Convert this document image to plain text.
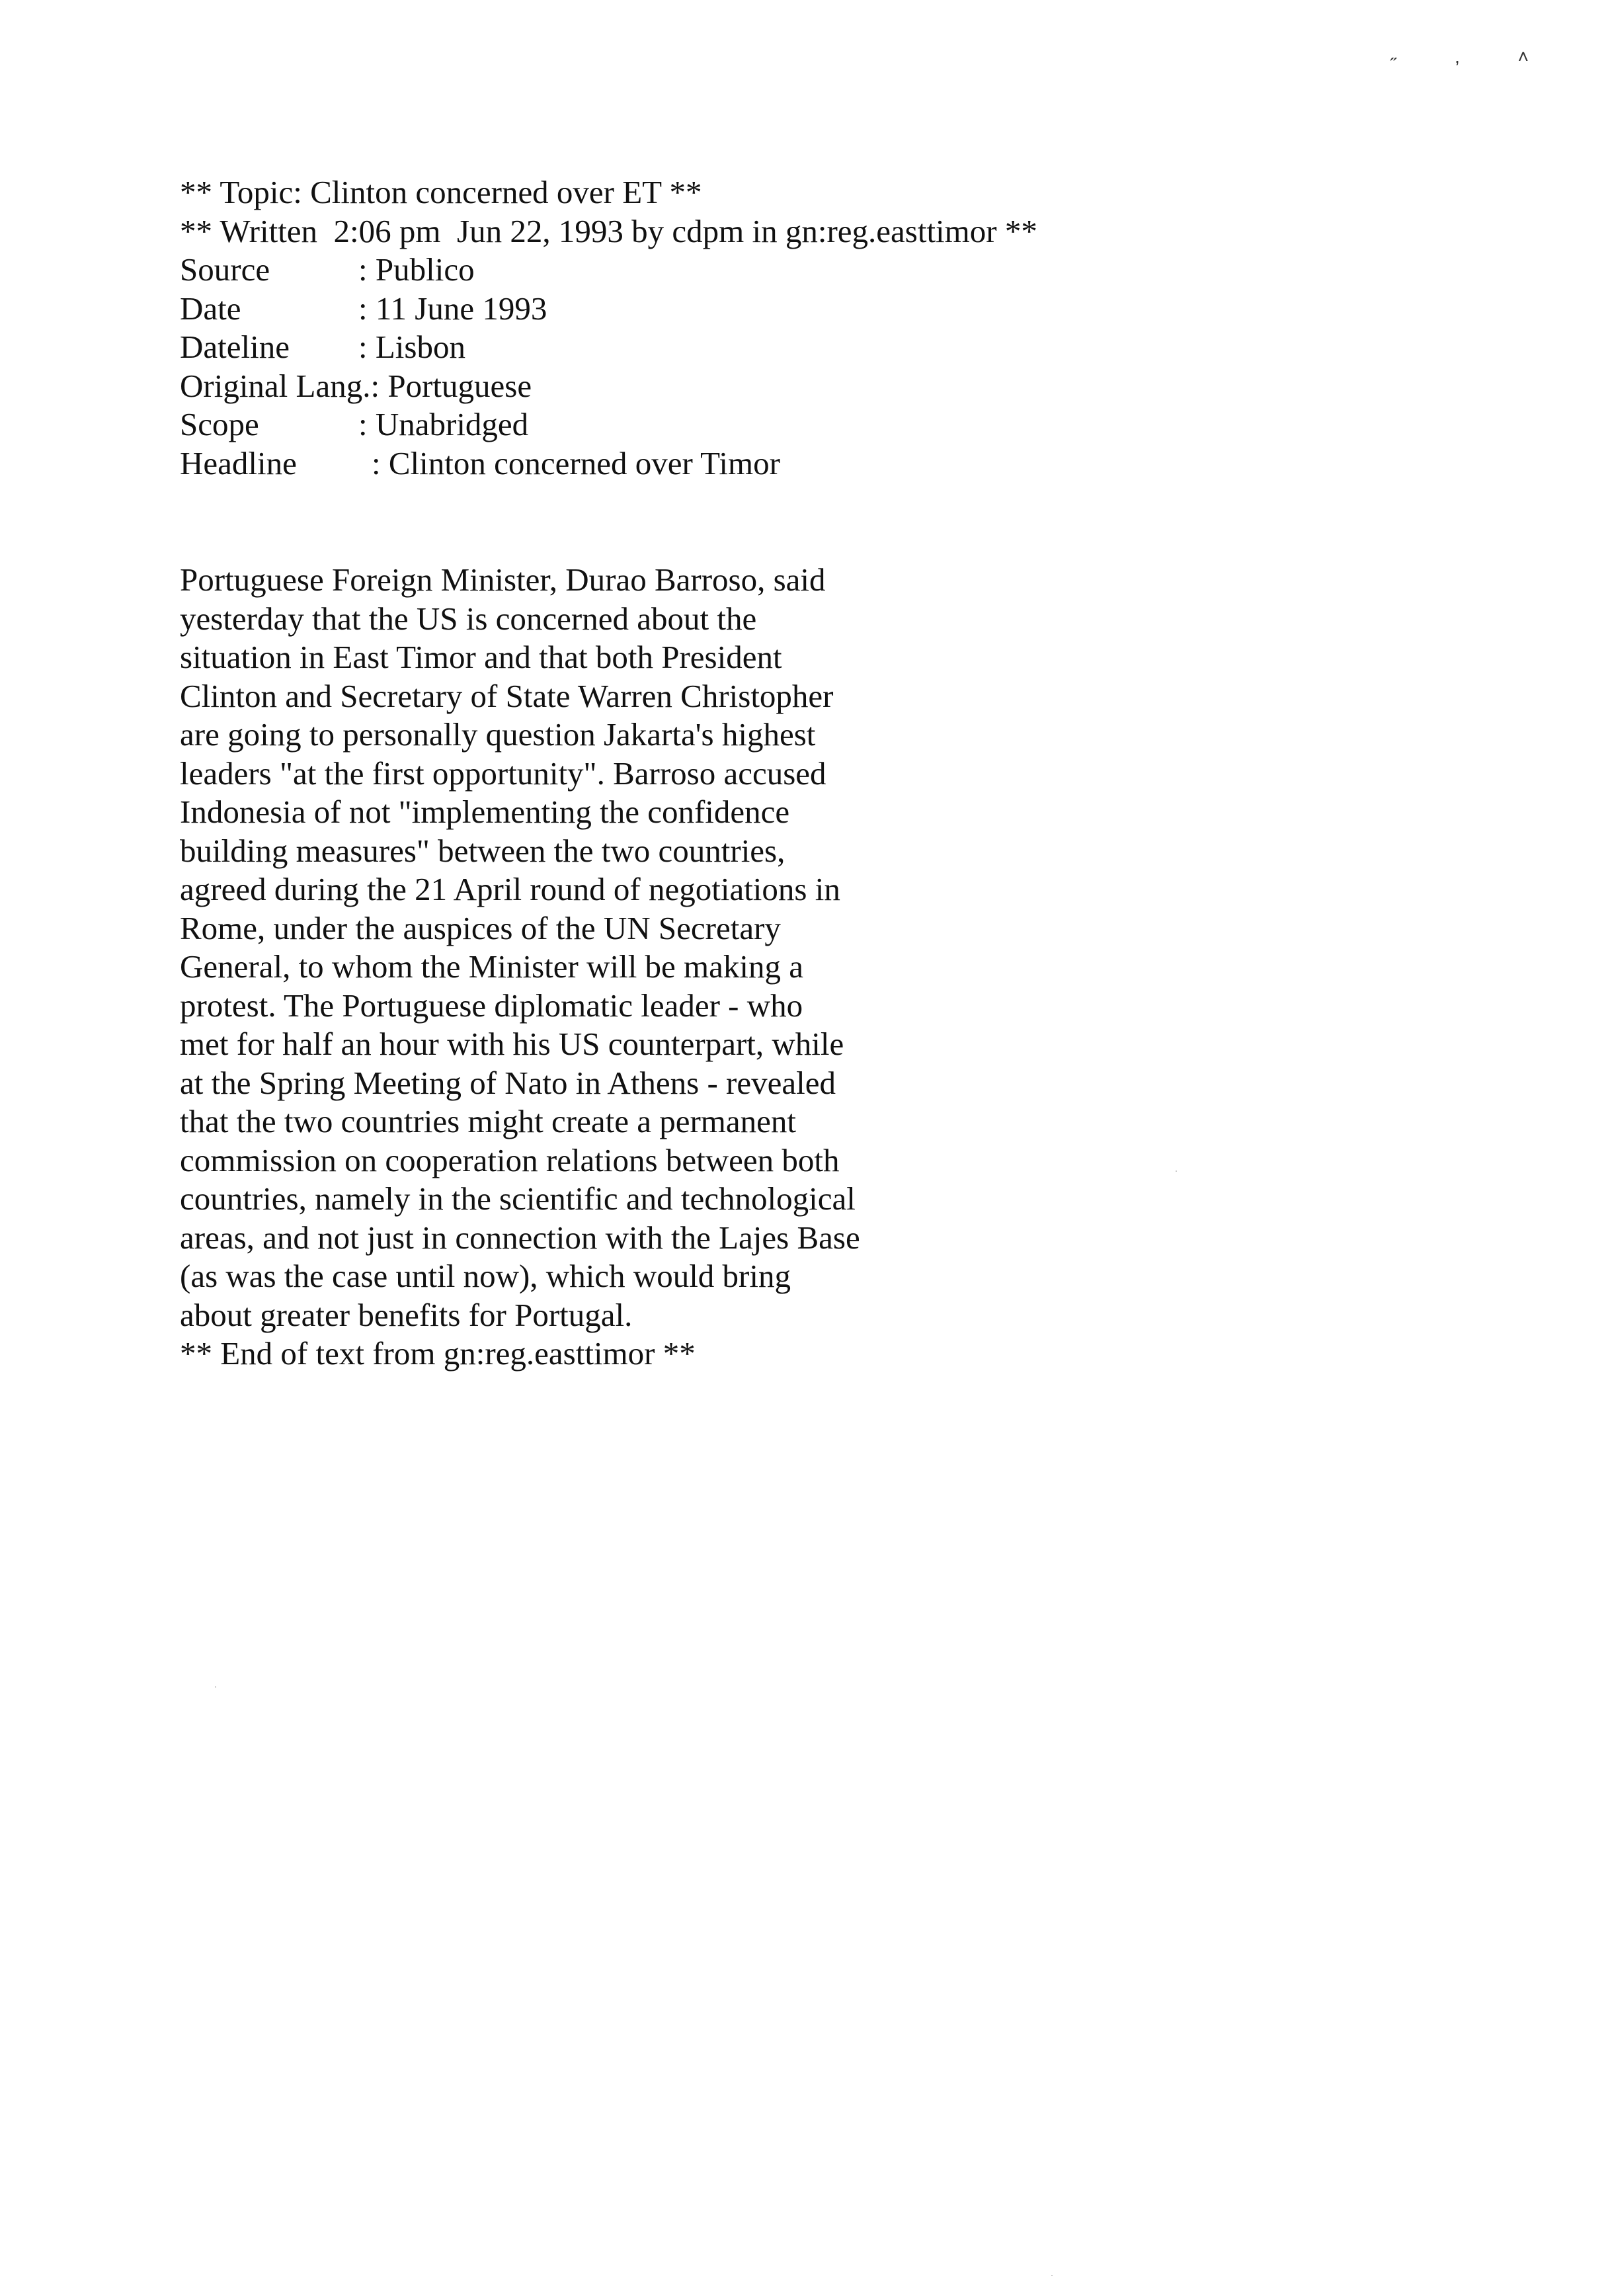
˶ , ˄
** Topic: Clinton concerned over ET **
** Written  2:06 pm  Jun 22, 1993 by cdpm in gn:reg.easttimor **
Source	: Publico
Date	: 11 June 1993
Dateline	: Lisbon
Original Lang. : Portuguese
Scope	: Unabridged
Headline	: Clinton concerned over Timor
Portuguese Foreign Minister, Durao Barroso, said
yesterday that the US is concerned about the
situation in East Timor and that both President
Clinton and Secretary of State Warren Christopher
are going to personally question Jakarta's highest
leaders "at the first opportunity". Barroso accused
Indonesia of not "implementing the confidence
building measures" between the two countries,
agreed during the 21 April round of negotiations in
Rome, under the auspices of the UN Secretary
General, to whom the Minister will be making a
protest. The Portuguese diplomatic leader - who
met for half an hour with his US counterpart, while
at the Spring Meeting of Nato in Athens - revealed
that the two countries might create a permanent
commission on cooperation relations between both
countries, namely in the scientific and technological
areas, and not just in connection with the Lajes Base
(as was the case until now), which would bring
about greater benefits for Portugal.
** End of text from gn:reg.easttimor **
